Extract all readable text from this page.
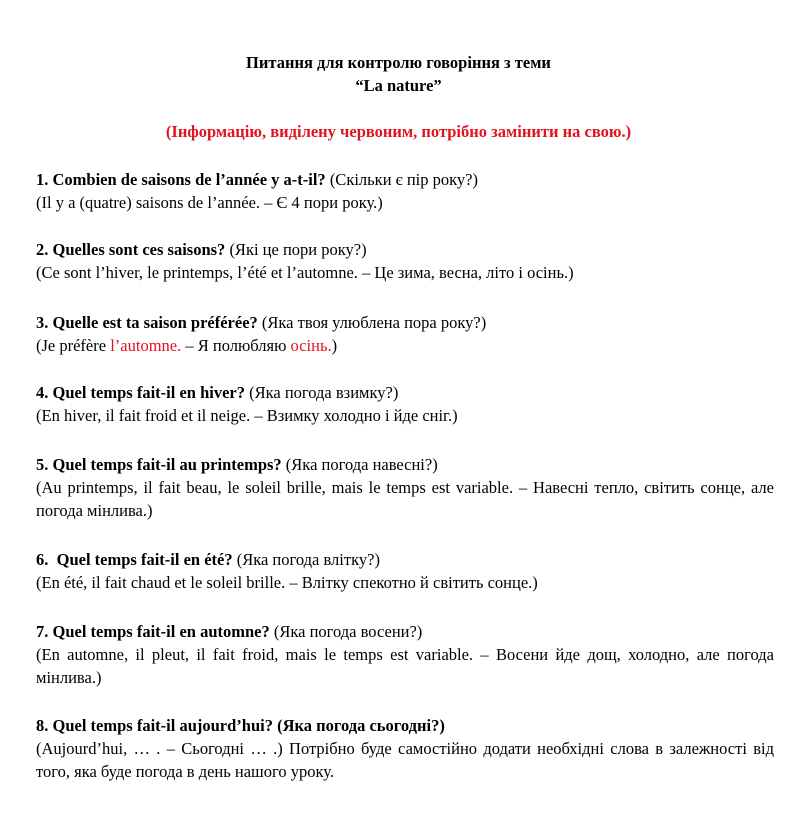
Питання для контролю говоріння з теми
“La nature”
(Інформацію, виділену червоним, потрібно замінити на свою.)
1. Combien de saisons de l’année y a-t-il? (Скільки є пір року?)
(Il y a (quatre) saisons de l’année. – Є 4 пори року.)
2. Quelles sont ces saisons? (Які це пори року?)
(Ce sont l’hiver, le printemps, l’été et l’automne. – Це зима, весна, літо і осінь.)
3. Quelle est ta saison préférée? (Яка твоя улюблена пора року?)
(Je préfère l’automne. – Я полюбляю осінь.)
4. Quel temps fait-il en hiver? (Яка погода взимку?)
(En hiver, il fait froid et il neige. – Взимку холодно і йде сніг.)
5. Quel temps fait-il au printemps? (Яка погода навесні?)
(Au printemps, il fait beau, le soleil brille, mais le temps est variable. – Навесні тепло, світить сонце, але погода мінлива.)
6.  Quel temps fait-il en été? (Яка погода влітку?)
(En été, il fait chaud et le soleil brille. – Влітку спекотно й світить сонце.)
7. Quel temps fait-il en automne? (Яка погода восени?)
(En automne, il pleut, il fait froid, mais le temps est variable. – Восени йде дощ, холодно, але погода мінлива.)
8. Quel temps fait-il aujourd’hui? (Яка погода сьогодні?)
(Aujourd’hui, … . – Сьогодні … .) Потрібно буде самостійно додати необхідні слова в залежності від того, яка буде погода в день нашого уроку.
